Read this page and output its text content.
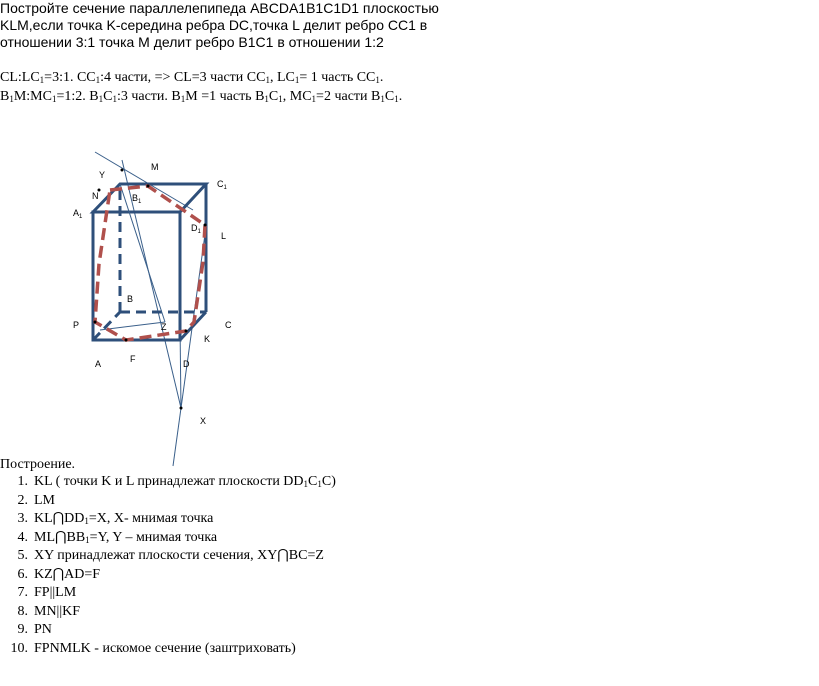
Постройте сечение параллелепипеда ABCDA1B1C1D1 плоскостью
KLM,если точка K-середина ребра DC,точка L делит ребро CC1 в
отношении 3:1 точка M делит ребро B1C1 в отношении 1:2
$CL:LC_1=3:1$. $CC_1:4$ части, => CL=3 части $CC_1$, $LC_1= 1$ часть $CC_1$.
$B_1M:MC_1=1:2$. $B_1C_1:3$ части. $B_1M =1$ часть $B_1C_1$, $MC_1=2$ части $B_1C_1$.
Y
M
$C_1$
N	$B_1$
$A_1$
$D_1$ L
B
P	Z	C
K
A	F	D
X
Построение.
1. KL ( точки K и L принадлежат плоскости $DD_1C_1C$)
2. LM
3. $KL⋂DD_1=X$, X- мнимая точка
4. $ML⋂BB_1=Y$, Y – мнимая точка
5. XY принадлежат плоскости сечения, XY⋂BC=Z
6. KZ⋂AD=F
7. FP||LM
8. MN||KF
9. PN
10. FPNMLK - искомое сечение (заштриховать)
